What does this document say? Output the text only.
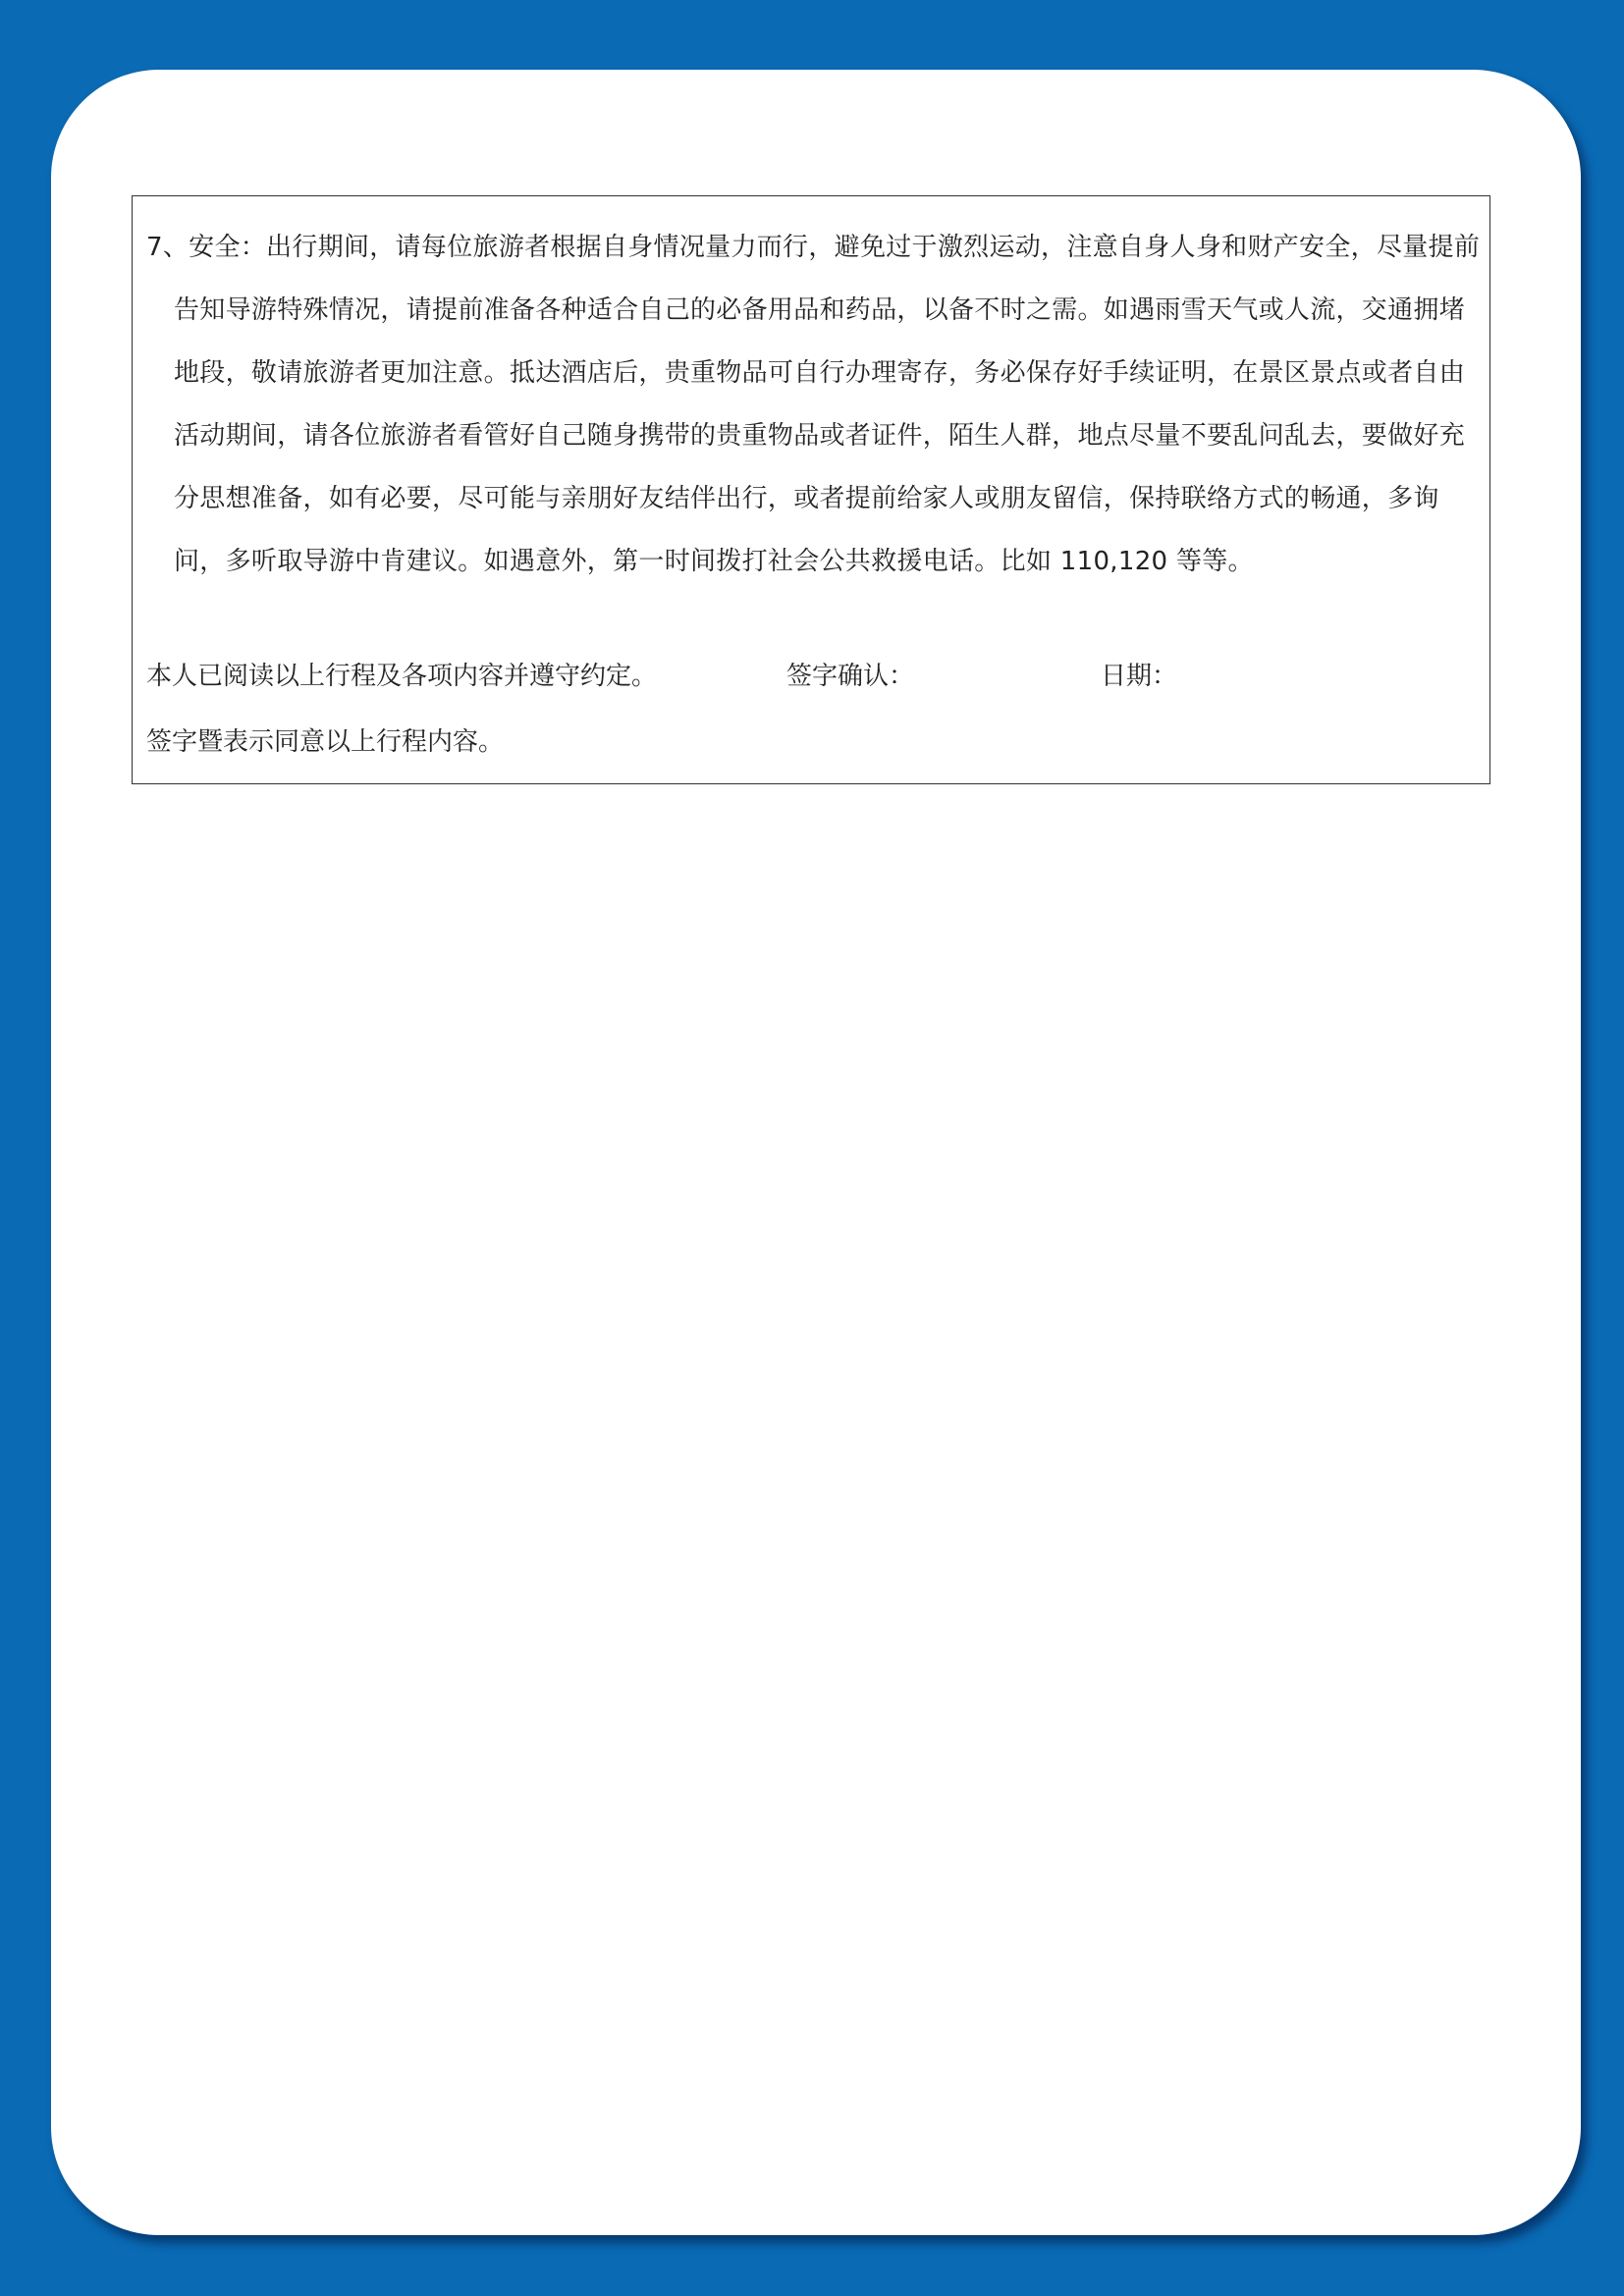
7、安全：出行期间，请每位旅游者根据自身情况量力而行，避免过于激烈运动，注意自身人身和财产安全，尽量提前告知导游特殊情况，请提前准备各种适合自己的必备用品和药品，以备不时之需。如遇雨雪天气或人流，交通拥堵地段，敬请旅游者更加注意。抵达酒店后，贵重物品可自行办理寄存，务必保存好手续证明，在景区景点或者自由活动期间，请各位旅游者看管好自己随身携带的贵重物品或者证件，陌生人群，地点尽量不要乱问乱去，要做好充分思想准备，如有必要，尽可能与亲朋好友结伴出行，或者提前给家人或朋友留信，保持联络方式的畅通，多询问，多听取导游中肯建议。如遇意外，第一时间拨打社会公共救援电话。比如 110,120 等等。
本人已阅读以上行程及各项内容并遵守约定。	签字确认：	日期：
签字暨表示同意以上行程内容。
